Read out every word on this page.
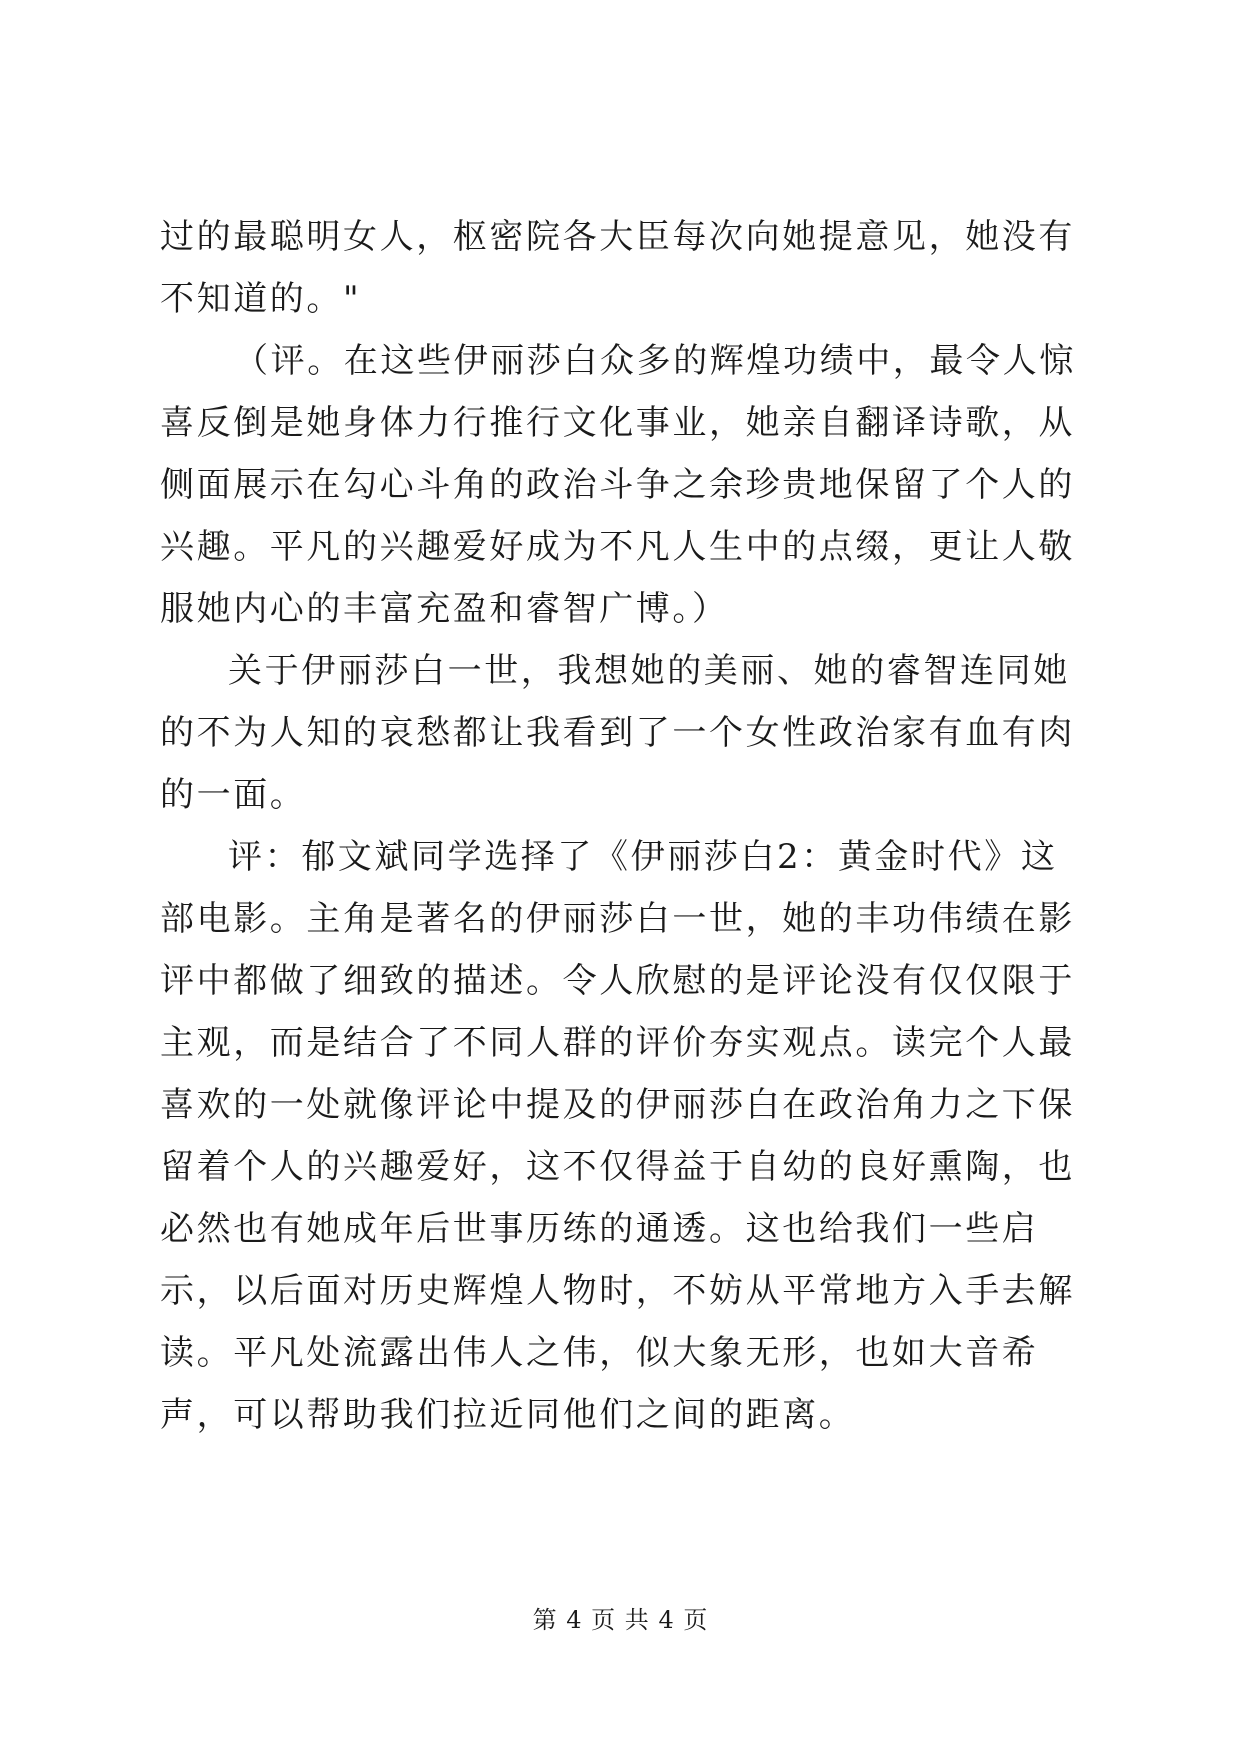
过的最聪明女人，枢密院各大臣每次向她提意见，她没有不知道的。"

（评。在这些伊丽莎白众多的辉煌功绩中，最令人惊喜反倒是她身体力行推行文化事业，她亲自翻译诗歌，从侧面展示在勾心斗角的政治斗争之余珍贵地保留了个人的兴趣。平凡的兴趣爱好成为不凡人生中的点缀，更让人敬服她内心的丰富充盈和睿智广博。）

关于伊丽莎白一世，我想她的美丽、她的睿智连同她的不为人知的哀愁都让我看到了一个女性政治家有血有肉的一面。

评：郁文斌同学选择了《伊丽莎白2：黄金时代》这部电影。主角是著名的伊丽莎白一世，她的丰功伟绩在影评中都做了细致的描述。令人欣慰的是评论没有仅仅限于主观，而是结合了不同人群的评价夯实观点。读完个人最喜欢的一处就像评论中提及的伊丽莎白在政治角力之下保留着个人的兴趣爱好，这不仅得益于自幼的良好熏陶，也必然也有她成年后世事历练的通透。这也给我们一些启示，以后面对历史辉煌人物时，不妨从平常地方入手去解读。平凡处流露出伟人之伟，似大象无形，也如大音希声，可以帮助我们拉近同他们之间的距离。

第 4 页 共 4 页
